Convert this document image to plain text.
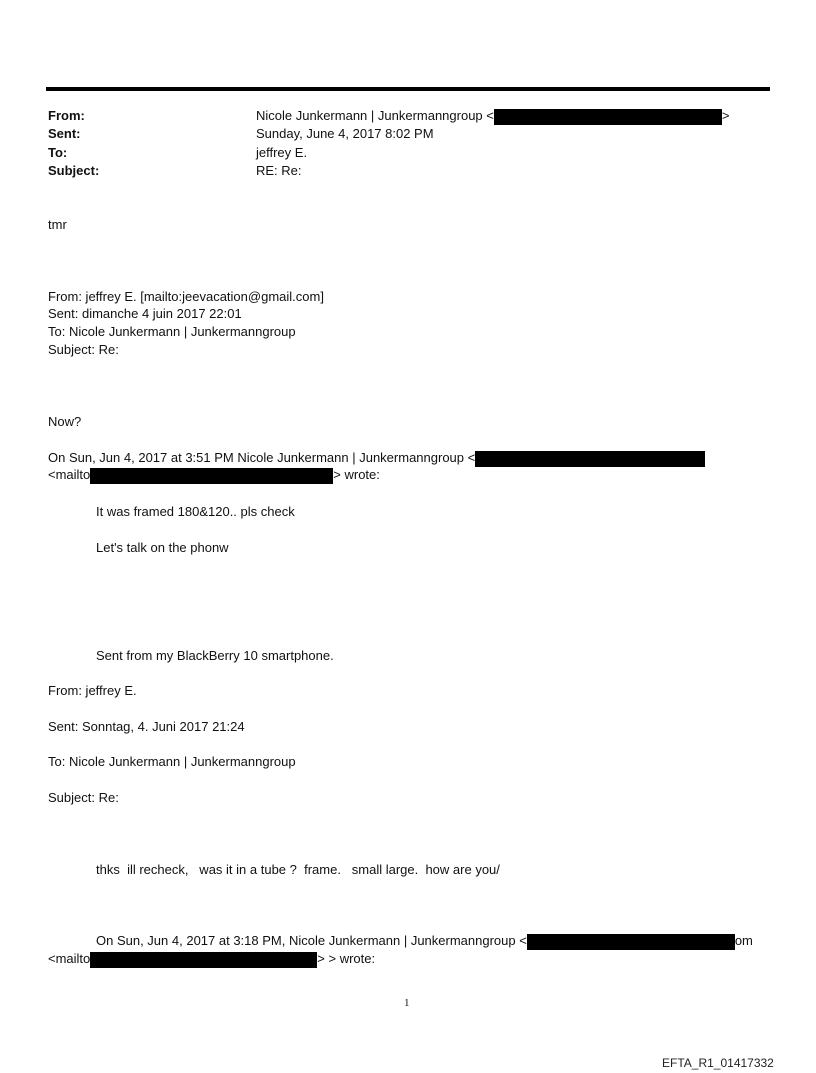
From:	Nicole Junkermann | Junkermanngroup <	>
Sent:	Sunday, June 4, 2017 8:02 PM
To:	jeffrey E.
Subject:	RE: Re:
tmr
From: jeffrey E. [mailto:jeevacation@gmail.com]
Sent: dimanche 4 juin 2017 22:01
To: Nicole Junkermann | Junkermanngroup
Subject: Re:
Now?
On Sun, Jun 4, 2017 at 3:51 PM Nicole Junkermann | Junkermanngroup <
<mailto	> wrote:
It was framed 180&120.. pls check
Let's talk on the phonw
Sent from my BlackBerry 10 smartphone.
From: jeffrey E.
Sent: Sonntag, 4. Juni 2017 21:24
To: Nicole Junkermann | Junkermanngroup
Subject: Re:
thks  ill recheck,   was it in a tube ?  frame.   small large.  how are you/
On Sun, Jun 4, 2017 at 3:18 PM, Nicole Junkermann | Junkermanngroup <	om
<mailto	> > wrote:
1
EFTA_R1_01417332
